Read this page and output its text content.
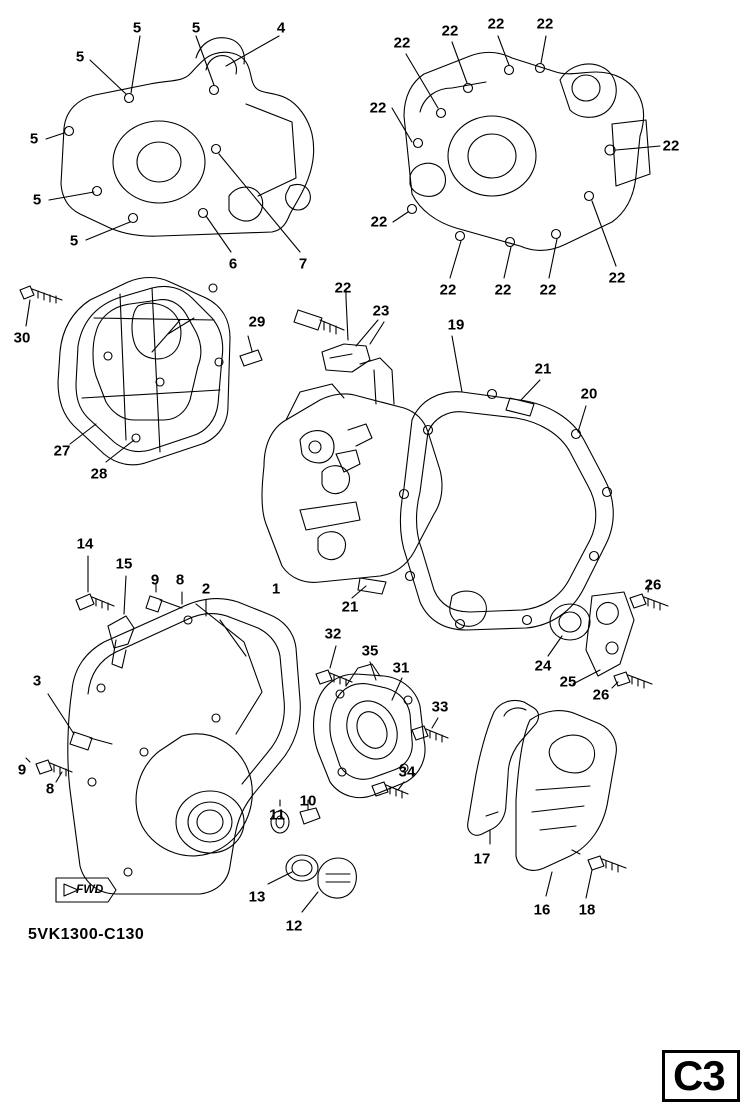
5	5	4
5
5
5
5
6	7
22
22 22 22
22
22
22
22	22 22
22
30
27
28
29
22
23
19
21
20
21
24
25
26
26
14
15
9 8
2	1
3
9
8
32
35
31
33
34
11
10
13
12
17
16 18
FWD
5VK1300-C130
C3
